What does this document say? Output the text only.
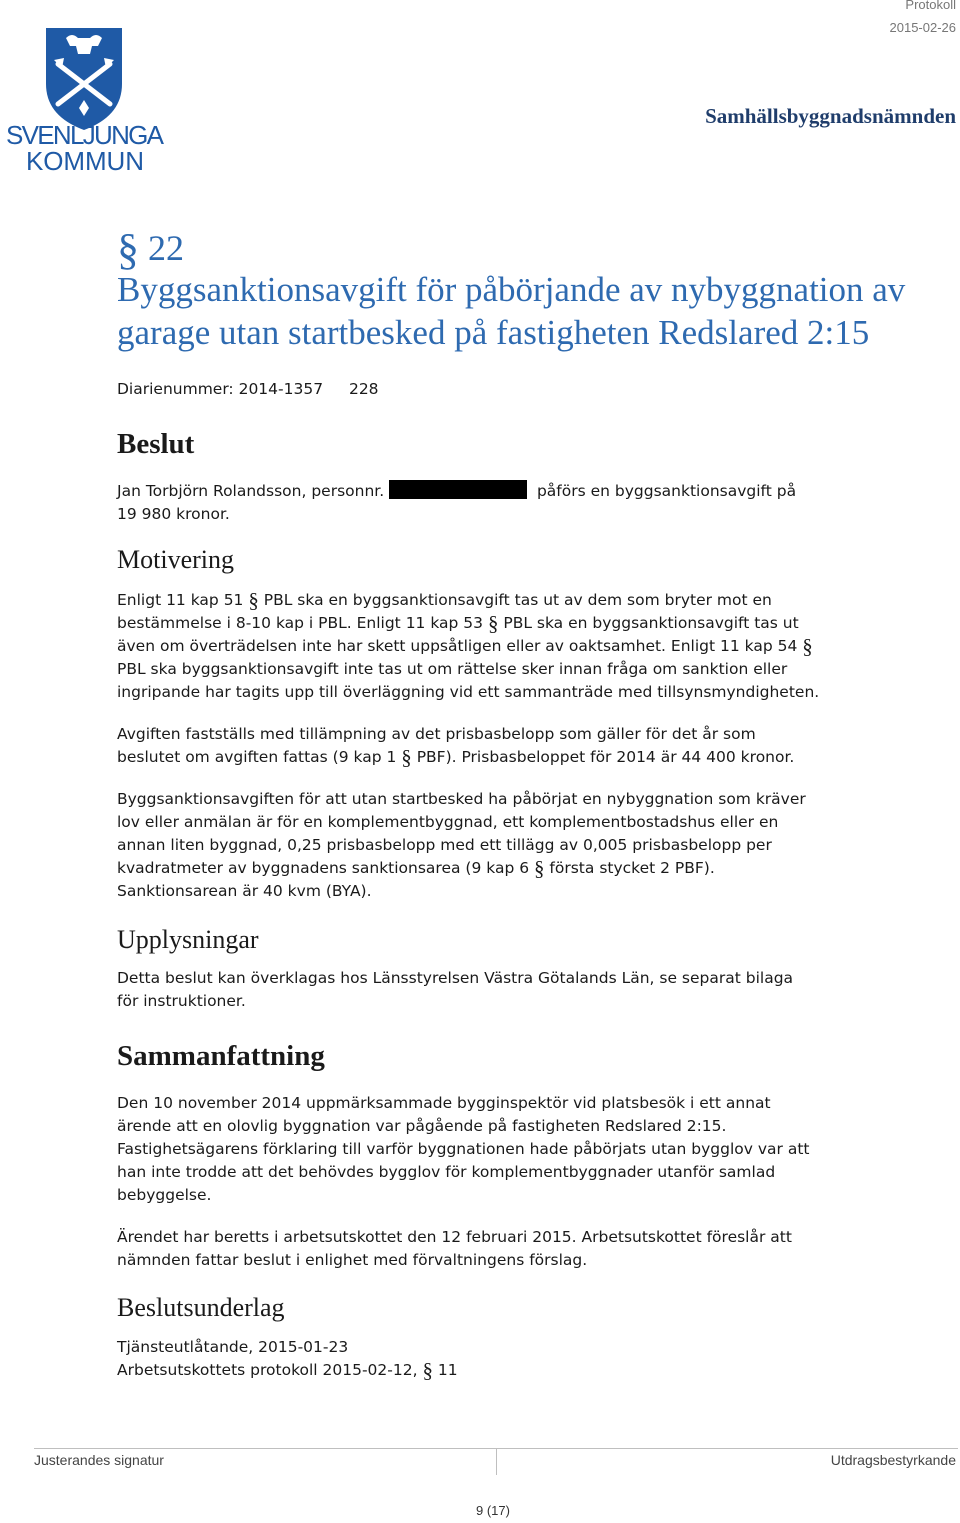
Protokoll
2015-02-26
SVENLJUNGA
KOMMUN
Samhällsbyggnadsnämnden
§ 22
Byggsanktionsavgift för påbörjande av nybyggnation av
garage utan startbesked på fastigheten Redslared 2:15
Diarienummer: 2014-1357 228
Beslut
Jan Torbjörn Rolandsson, personnr.	påförs en byggsanktionsavgift på
19 980 kronor.
Motivering
Enligt 11 kap 51 § PBL ska en byggsanktionsavgift tas ut av dem som bryter mot en
bestämmelse i 8-10 kap i PBL. Enligt 11 kap 53 § PBL ska en byggsanktionsavgift tas ut
även om överträdelsen inte har skett uppsåtligen eller av oaktsamhet. Enligt 11 kap 54 §
PBL ska byggsanktionsavgift inte tas ut om rättelse sker innan fråga om sanktion eller
ingripande har tagits upp till överläggning vid ett sammanträde med tillsynsmyndigheten.
Avgiften fastställs med tillämpning av det prisbasbelopp som gäller för det år som
beslutet om avgiften fattas (9 kap 1 § PBF). Prisbasbeloppet för 2014 är 44 400 kronor.
Byggsanktionsavgiften för att utan startbesked ha påbörjat en nybyggnation som kräver
lov eller anmälan är för en komplementbyggnad, ett komplementbostadshus eller en
annan liten byggnad, 0,25 prisbasbelopp med ett tillägg av 0,005 prisbasbelopp per
kvadratmeter av byggnadens sanktionsarea (9 kap 6 § första stycket 2 PBF).
Sanktionsarean är 40 kvm (BYA).
Upplysningar
Detta beslut kan överklagas hos Länsstyrelsen Västra Götalands Län, se separat bilaga
för instruktioner.
Sammanfattning
Den 10 november 2014 uppmärksammade bygginspektör vid platsbesök i ett annat
ärende att en olovlig byggnation var pågående på fastigheten Redslared 2:15.
Fastighetsägarens förklaring till varför byggnationen hade påbörjats utan bygglov var att
han inte trodde att det behövdes bygglov för komplementbyggnader utanför samlad
bebyggelse.
Ärendet har beretts i arbetsutskottet den 12 februari 2015. Arbetsutskottet föreslår att
nämnden fattar beslut i enlighet med förvaltningens förslag.
Beslutsunderlag
Tjänsteutlåtande, 2015-01-23
Arbetsutskottets protokoll 2015-02-12, § 11
Justerandes signatur	Utdragsbestyrkande
9 (17)
